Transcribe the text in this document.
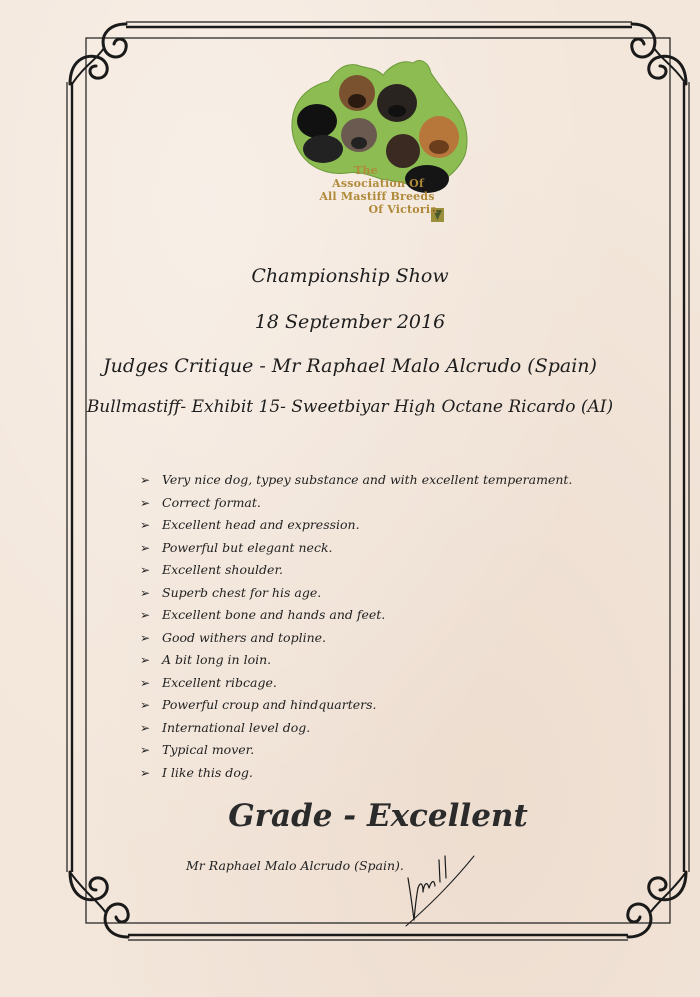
The
Association Of
All Mastiff Breeds
Of Victoria
Championship Show
18 September 2016
Judges Critique - Mr Raphael Malo Alcrudo (Spain)
Bullmastiff- Exhibit 15- Sweetbiyar High Octane Ricardo (AI)
➢ Very nice dog, typey substance and with excellent temperament.
➢ Correct format.
➢ Excellent head and expression.
➢ Powerful but elegant neck.
➢ Excellent shoulder.
➢ Superb chest for his age.
➢ Excellent bone and hands and feet.
➢ Good withers and topline.
➢ A bit long in loin.
➢ Excellent ribcage.
➢ Powerful croup and hindquarters.
➢ International level dog.
➢ Typical mover.
➢ I like this dog.
Grade - Excellent
Mr Raphael Malo Alcrudo (Spain).
